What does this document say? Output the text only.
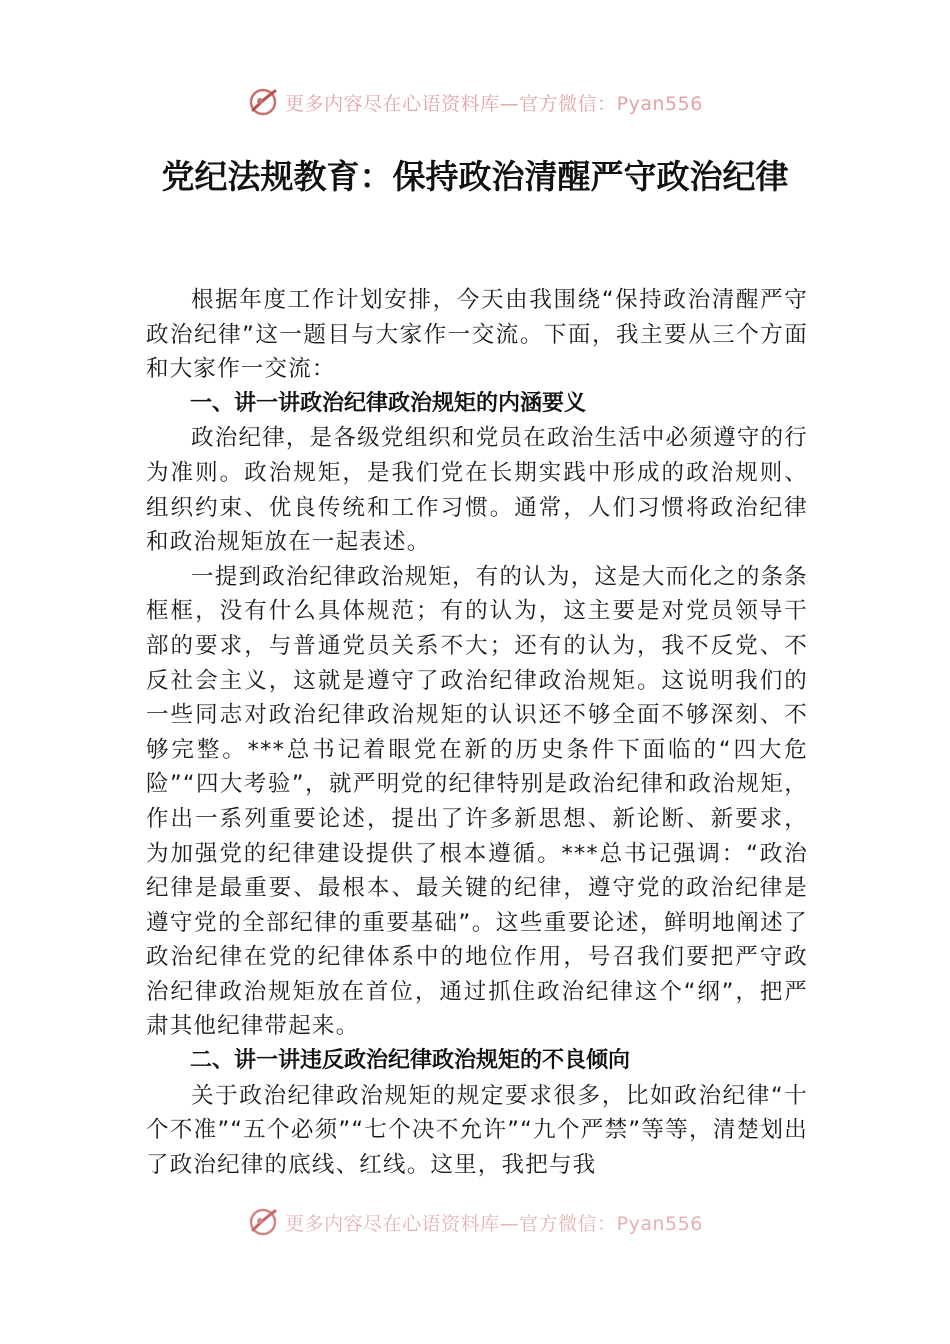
更多内容尽在心语资料库—官方微信：Pyan556
党纪法规教育：保持政治清醒严守政治纪律

根据年度工作计划安排，今天由我围绕“保持政治清醒严守政治纪律”这一题目与大家作一交流。下面，我主要从三个方面和大家作一交流：

一、讲一讲政治纪律政治规矩的内涵要义

政治纪律，是各级党组织和党员在政治生活中必须遵守的行为准则。政治规矩，是我们党在长期实践中形成的政治规则、组织约束、优良传统和工作习惯。通常，人们习惯将政治纪律和政治规矩放在一起表述。

一提到政治纪律政治规矩，有的认为，这是大而化之的条条框框，没有什么具体规范；有的认为，这主要是对党员领导干部的要求，与普通党员关系不大；还有的认为，我不反党、不反社会主义，这就是遵守了政治纪律政治规矩。这说明我们的一些同志对政治纪律政治规矩的认识还不够全面不够深刻、不够完整。***总书记着眼党在新的历史条件下面临的“四大危险”“四大考验”，就严明党的纪律特别是政治纪律和政治规矩，作出一系列重要论述，提出了许多新思想、新论断、新要求，为加强党的纪律建设提供了根本遵循。***总书记强调：“政治纪律是最重要、最根本、最关键的纪律，遵守党的政治纪律是遵守党的全部纪律的重要基础”。这些重要论述，鲜明地阐述了政治纪律在党的纪律体系中的地位作用，号召我们要把严守政治纪律政治规矩放在首位，通过抓住政治纪律这个“纲”，把严肃其他纪律带起来。

二、讲一讲违反政治纪律政治规矩的不良倾向

关于政治纪律政治规矩的规定要求很多，比如政治纪律“十个不准”“五个必须”“七个决不允许”“九个严禁”等等，清楚划出了政治纪律的底线、红线。这里，我把与我

更多内容尽在心语资料库—官方微信：Pyan556
